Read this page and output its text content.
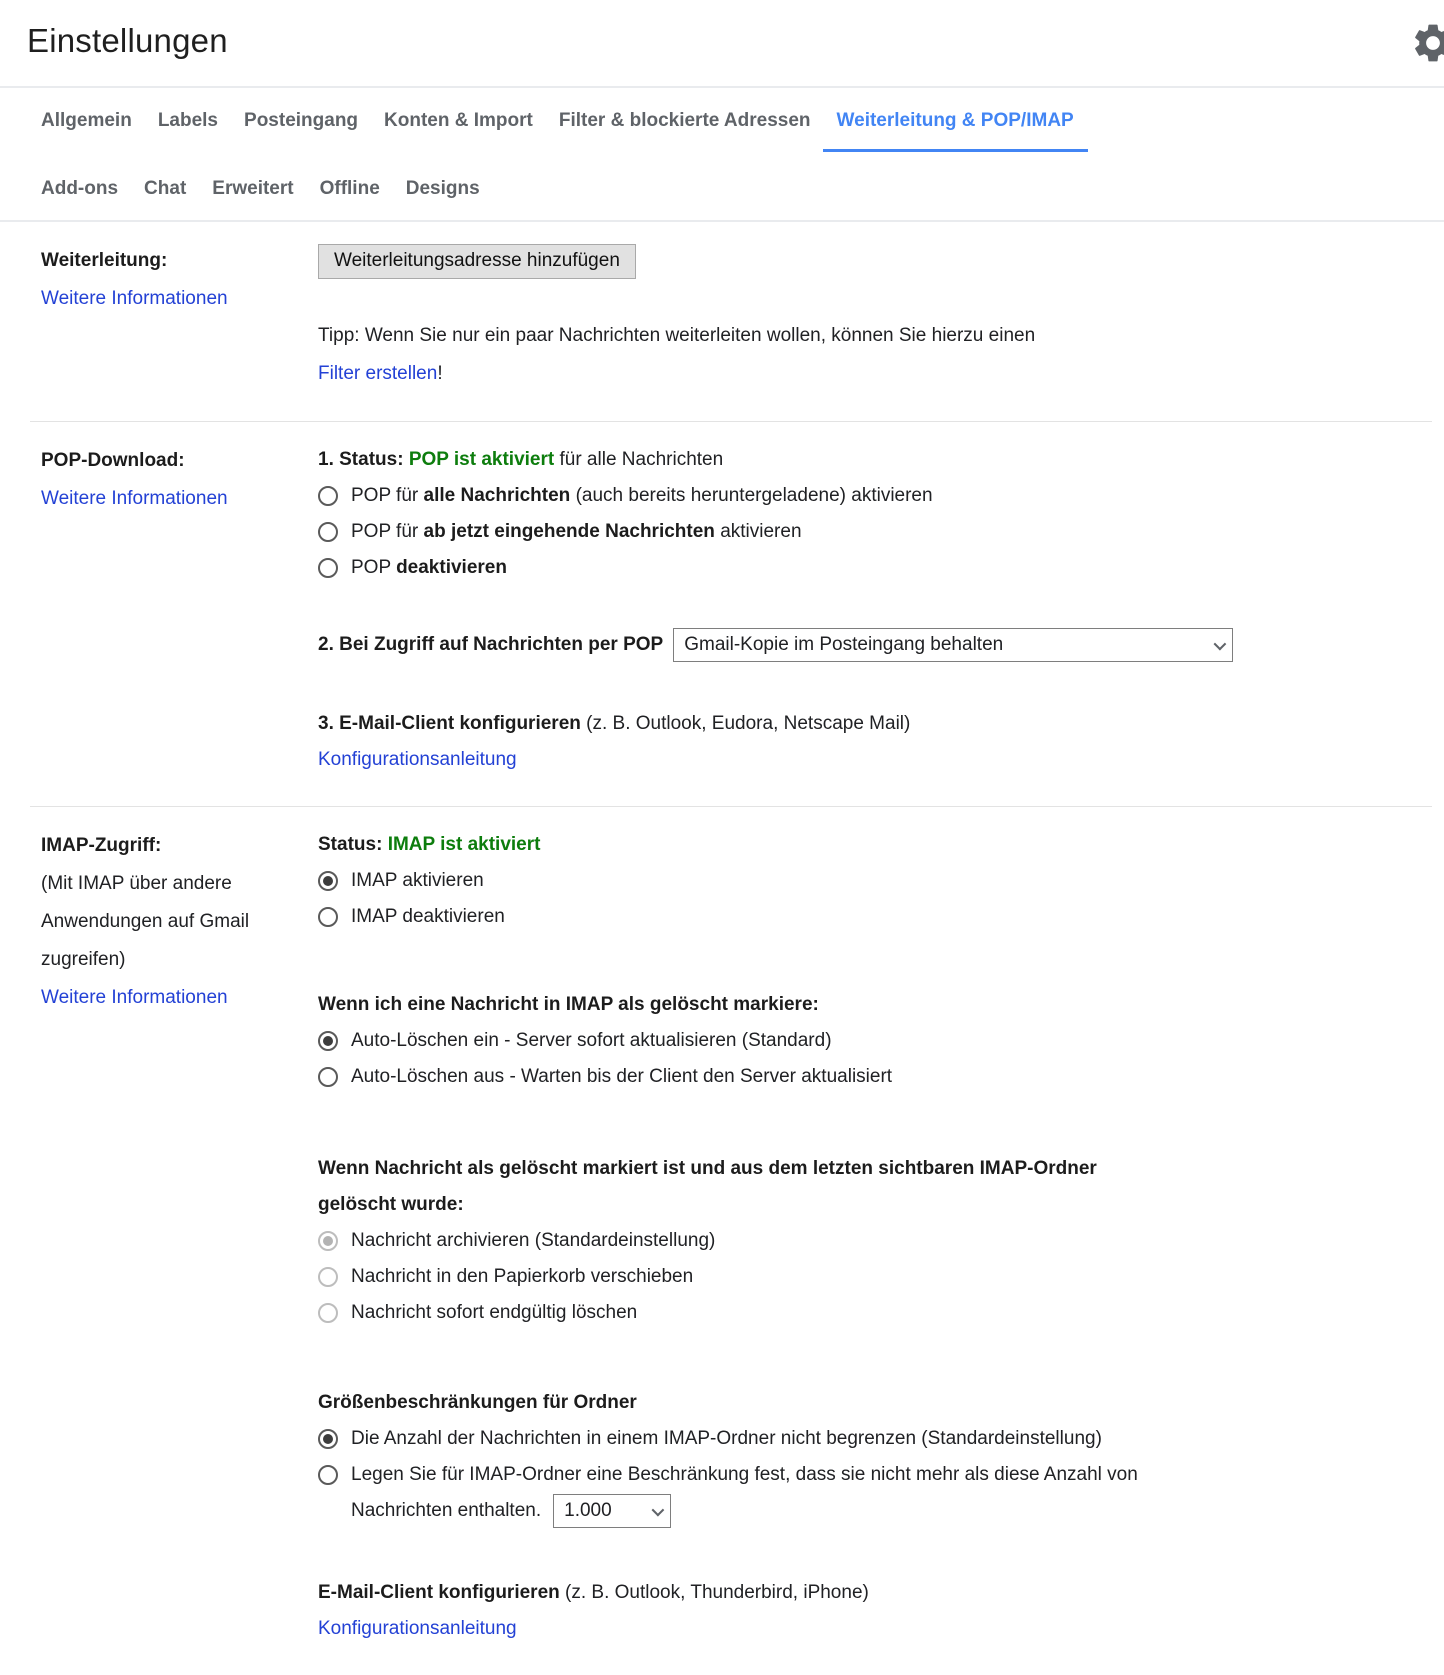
Einstellungen
Allgemein Labels Posteingang Konten & Import Filter & blockierte Adressen	Weiterleitung & POP/IMAP
Add-ons Chat Erweitert Offline Designs
Weiterleitung:
Weitere Informationen
Weiterleitungsadresse hinzufügen
Tipp: Wenn Sie nur ein paar Nachrichten weiterleiten wollen, können Sie hierzu einen
Filter erstellen!
POP-Download:
Weitere Informationen
1. Status: POP ist aktiviert für alle Nachrichten
POP für alle Nachrichten (auch bereits heruntergeladene) aktivieren
POP für ab jetzt eingehende Nachrichten aktivieren
POP deaktivieren
2. Bei Zugriff auf Nachrichten per POP Gmail-Kopie im Posteingang behalten
3. E-Mail-Client konfigurieren (z. B. Outlook, Eudora, Netscape Mail)
Konfigurationsanleitung
IMAP-Zugriff:
(Mit IMAP über andere Anwendungen auf Gmail zugreifen)
Weitere Informationen
Status: IMAP ist aktiviert
IMAP aktivieren
IMAP deaktivieren
Wenn ich eine Nachricht in IMAP als gelöscht markiere:
Auto-Löschen ein - Server sofort aktualisieren (Standard)
Auto-Löschen aus - Warten bis der Client den Server aktualisiert
Wenn Nachricht als gelöscht markiert ist und aus dem letzten sichtbaren IMAP-Ordner
gelöscht wurde:
Nachricht archivieren (Standardeinstellung)
Nachricht in den Papierkorb verschieben
Nachricht sofort endgültig löschen
Größenbeschränkungen für Ordner
Die Anzahl der Nachrichten in einem IMAP-Ordner nicht begrenzen (Standardeinstellung)
Legen Sie für IMAP-Ordner eine Beschränkung fest, dass sie nicht mehr als diese Anzahl von

Nachrichten enthalten. 1.000
E-Mail-Client konfigurieren (z. B. Outlook, Thunderbird, iPhone)
Konfigurationsanleitung
